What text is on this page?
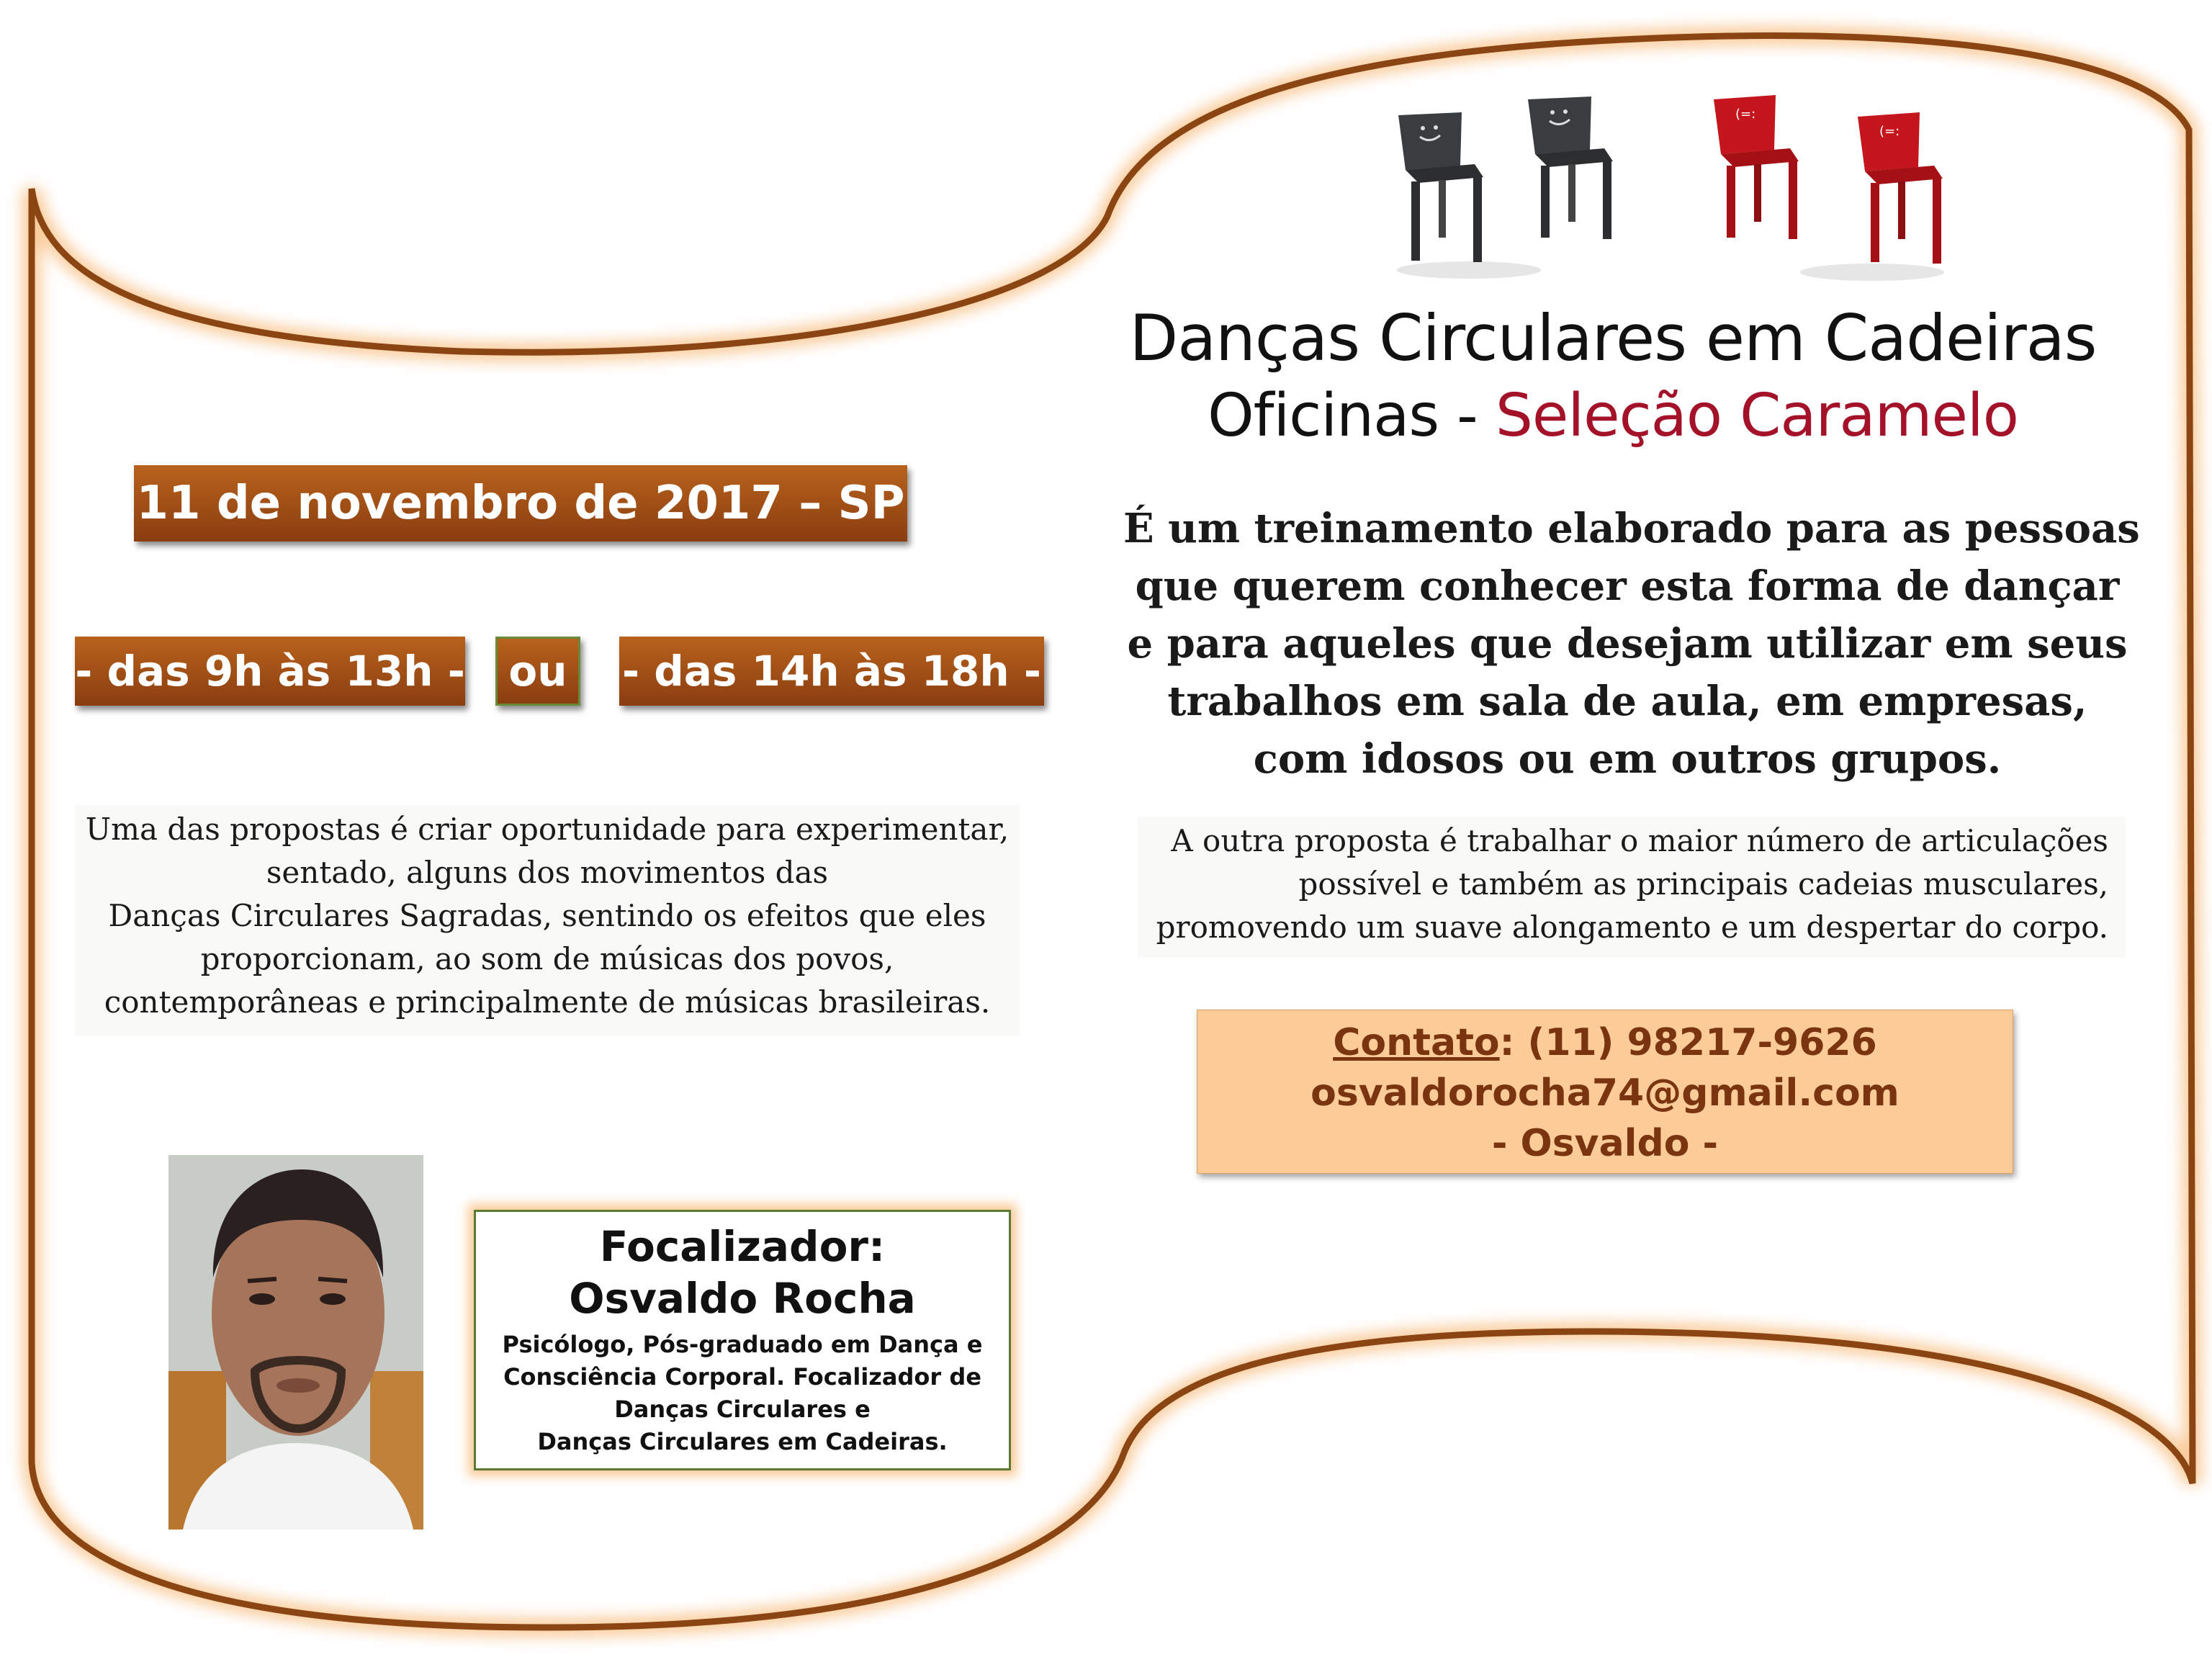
(=:
(=:
Danças Circulares em Cadeiras
Oficinas - Seleção Caramelo
11 de novembro de 2017 – SP
- das 9h às 13h -	ou	- das 14h às 18h -
É um treinamento elaborado para as pessoas
que querem conhecer esta forma de dançar
e para aqueles que desejam utilizar em seus
trabalhos em sala de aula, em empresas,
com idosos ou em outros grupos.
Uma das propostas é criar oportunidade para experimentar,
sentado, alguns dos movimentos das
Danças Circulares Sagradas, sentindo os efeitos que eles
proporcionam, ao som de músicas dos povos,
contemporâneas e principalmente de músicas brasileiras.
A outra proposta é trabalhar o maior número de articulações
possível e também as principais cadeias musculares,
promovendo um suave alongamento e um despertar do corpo.
Contato: (11) 98217-9626
osvaldorocha74@gmail.com
- Osvaldo -
Focalizador:
Osvaldo Rocha
Psicólogo, Pós-graduado em Dança e
Consciência Corporal. Focalizador de
Danças Circulares e
Danças Circulares em Cadeiras.
